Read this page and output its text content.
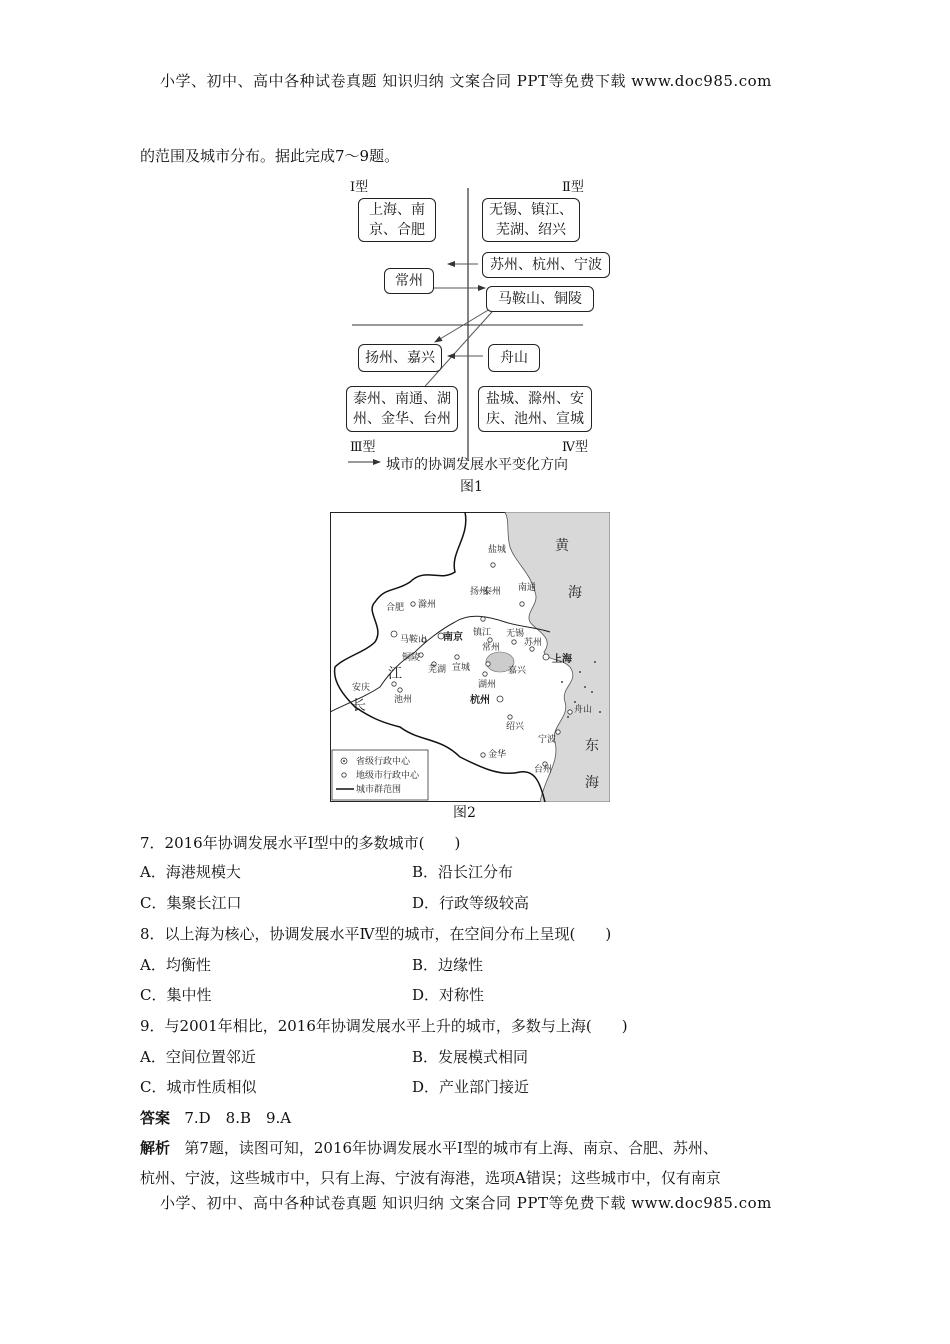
小学、初中、高中各种试卷真题 知识归纳 文案合同 PPT等免费下载 www.doc985.com
的范围及城市分布。据此完成7～9题。
Ⅰ型	Ⅱ型
Ⅲ型	Ⅳ型
上海、南
京、合肥
无锡、镇江、
芜湖、绍兴
苏州、杭州、宁波
常州
马鞍山、铜陵
扬州、嘉兴	舟山
泰州、南通、湖
州、金华、台州
盐城、滁州、安
庆、池州、宣城
城市的协调发展水平变化方向
图1
黄
海
东
海
长
江
盐城
扬州
泰州 南通
合肥 滁州
南京 镇江 无锡
常州	苏州
上海
马鞍山
铜陵
芜湖 宣城	嘉兴
湖州
安庆
池州	杭州
绍兴
宁波
舟山
金华
台州
省级行政中心
地级市行政中心
城市群范围
图2
7．2016年协调发展水平Ⅰ型中的多数城市(　　)
A．海港规模大	B．沿长江分布
C．集聚长江口	D．行政等级较高
8．以上海为核心，协调发展水平Ⅳ型的城市，在空间分布上呈现(　　)
A．均衡性	B．边缘性
C．集中性	D．对称性
9．与2001年相比，2016年协调发展水平上升的城市，多数与上海(　　)
A．空间位置邻近	B．发展模式相同
C．城市性质相似	D．产业部门接近
答案 7.D　8.B　9.A
解析 第7题，读图可知，2016年协调发展水平Ⅰ型的城市有上海、南京、合肥、苏州、
杭州、宁波，这些城市中，只有上海、宁波有海港，选项A错误；这些城市中，仅有南京
小学、初中、高中各种试卷真题 知识归纳 文案合同 PPT等免费下载 www.doc985.com
